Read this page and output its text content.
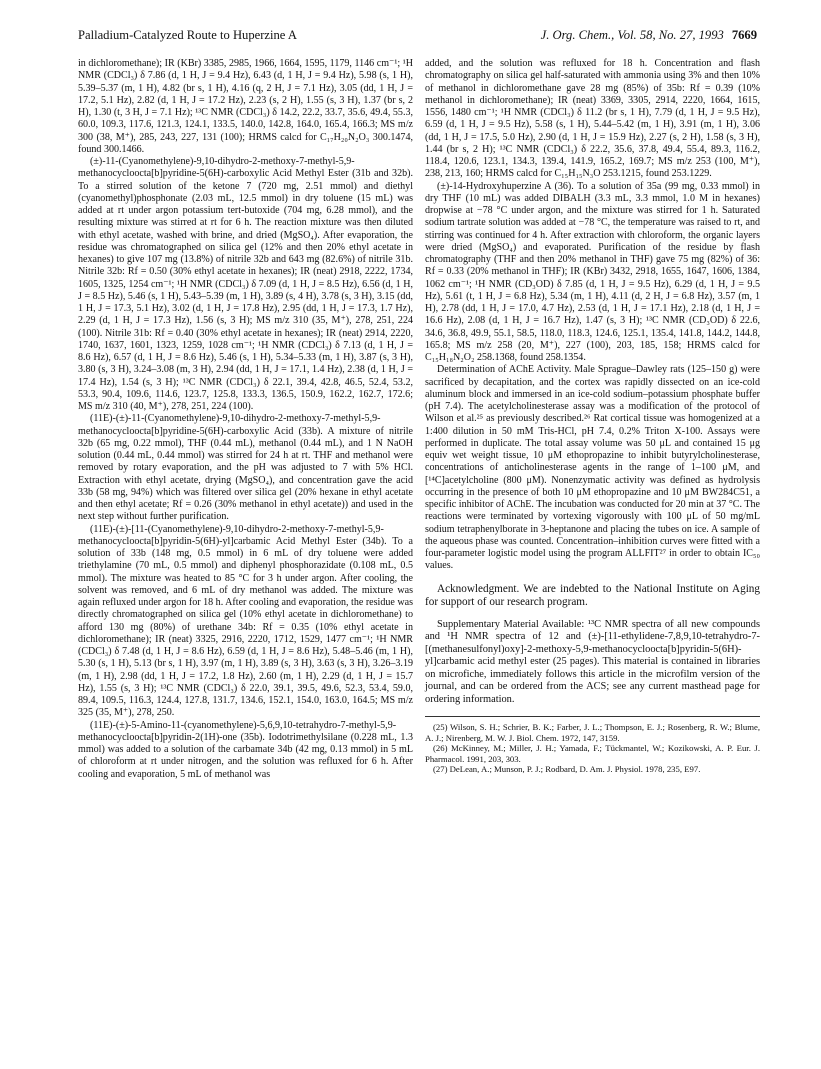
Palladium-Catalyzed Route to Huperzine A	J. Org. Chem., Vol. 58, No. 27, 1993 7669

in dichloromethane); IR (KBr) 3385, 2985, 1966, 1664, 1595, 1179, 1146 cm⁻¹; ¹H NMR (CDCl₃) δ 7.86 (d, 1 H, J = 9.4 Hz), 6.43 (d, 1 H, J = 9.4 Hz), 5.98 (s, 1 H), 5.39–5.37 (m, 1 H), 4.82 (br s, 1 H), 4.16 (q, 2 H, J = 7.1 Hz), 3.05 (dd, 1 H, J = 17.2, 5.1 Hz), 2.82 (d, 1 H, J = 17.2 Hz), 2.23 (s, 2 H), 1.55 (s, 3 H), 1.37 (br s, 2 H), 1.30 (t, 3 H, J = 7.1 Hz); ¹³C NMR (CDCl₃) δ 14.2, 22.2, 33.7, 35.6, 49.4, 55.3, 60.0, 109.3, 117.6, 121.3, 124.1, 133.5, 140.0, 142.8, 164.0, 165.4, 166.3; MS m/z 300 (38, M⁺), 285, 243, 227, 131 (100); HRMS calcd for C₁₇H₂₀N₂O₃ 300.1474, found 300.1466.

(±)-11-(Cyanomethylene)-9,10-dihydro-2-methoxy-7-methyl-5,9-methanocycloocta[b]pyridine-5(6H)-carboxylic Acid Methyl Ester (31b and 32b). To a stirred solution of the ketone 7 (720 mg, 2.51 mmol) and diethyl (cyanomethyl)phosphonate (2.03 mL, 12.5 mmol) in dry toluene (15 mL) was added at rt under argon potassium tert-butoxide (704 mg, 6.28 mmol), and the resulting mixture was stirred at rt for 6 h. The reaction mixture was then diluted with ethyl acetate, washed with brine, and dried (MgSO₄). After evaporation, the residue was chromatographed on silica gel (12% and then 20% ethyl acetate in hexanes) to give 107 mg (13.8%) of nitrile 32b and 643 mg (82.6%) of nitrile 31b. Nitrile 32b: Rf = 0.50 (30% ethyl acetate in hexanes); IR (neat) 2918, 2222, 1734, 1605, 1325, 1254 cm⁻¹; ¹H NMR (CDCl₃) δ 7.09 (d, 1 H, J = 8.5 Hz), 6.56 (d, 1 H, J = 8.5 Hz), 5.46 (s, 1 H), 5.43–5.39 (m, 1 H), 3.89 (s, 4 H), 3.78 (s, 3 H), 3.15 (dd, 1 H, J = 17.3, 5.1 Hz), 3.02 (d, 1 H, J = 17.8 Hz), 2.95 (dd, 1 H, J = 17.3, 1.7 Hz), 2.29 (d, 1 H, J = 17.3 Hz), 1.56 (s, 3 H); MS m/z 310 (35, M⁺), 278, 251, 224 (100). Nitrile 31b: Rf = 0.40 (30% ethyl acetate in hexanes); IR (neat) 2914, 2220, 1740, 1637, 1601, 1323, 1259, 1028 cm⁻¹; ¹H NMR (CDCl₃) δ 7.13 (d, 1 H, J = 8.6 Hz), 6.57 (d, 1 H, J = 8.6 Hz), 5.46 (s, 1 H), 5.34–5.33 (m, 1 H), 3.87 (s, 3 H), 3.80 (s, 3 H), 3.24–3.08 (m, 3 H), 2.94 (dd, 1 H, J = 17.1, 1.4 Hz), 2.38 (d, 1 H, J = 17.4 Hz), 1.54 (s, 3 H); ¹³C NMR (CDCl₃) δ 22.1, 39.4, 42.8, 46.5, 52.4, 53.2, 53.3, 90.4, 109.6, 114.6, 123.7, 125.8, 133.3, 136.5, 150.9, 162.2, 162.7, 172.6; MS m/z 310 (40, M⁺), 278, 251, 224 (100).

(11E)-(±)-11-(Cyanomethylene)-9,10-dihydro-2-methoxy-7-methyl-5,9-methanocycloocta[b]pyridine-5(6H)-carboxylic Acid (33b). A mixture of nitrile 32b (65 mg, 0.22 mmol), THF (0.44 mL), methanol (0.44 mL), and 1 N NaOH solution (0.44 mL, 0.44 mmol) was stirred for 24 h at rt. THF and methanol were removed by rotary evaporation, and the pH was adjusted to 7 with 5% HCl. Extraction with ethyl acetate, drying (MgSO₄), and concentration gave the acid 33b (58 mg, 94%) which was filtered over silica gel (20% hexane in ethyl acetate and then ethyl acetate; Rf = 0.26 (30% methanol in ethyl acetate)) and used in the next step without further purification.

(11E)-(±)-[11-(Cyanomethylene)-9,10-dihydro-2-methoxy-7-methyl-5,9-methanocycloocta[b]pyridin-5(6H)-yl]carbamic Acid Methyl Ester (34b). To a solution of 33b (148 mg, 0.5 mmol) in 6 mL of dry toluene were added triethylamine (70 mL, 0.5 mmol) and diphenyl phosphorazidate (0.108 mL, 0.5 mmol). The mixture was heated to 85 °C for 3 h under argon. After cooling, the solvent was removed, and 6 mL of dry methanol was added. The mixture was again refluxed under argon for 18 h. After cooling and evaporation, the residue was directly chromatographed on silica gel (10% ethyl acetate in dichloromethane) to afford 130 mg (80%) of urethane 34b: Rf = 0.35 (10% ethyl acetate in dichloromethane); IR (neat) 3325, 2916, 2220, 1712, 1529, 1477 cm⁻¹; ¹H NMR (CDCl₃) δ 7.48 (d, 1 H, J = 8.6 Hz), 6.59 (d, 1 H, J = 8.6 Hz), 5.48–5.46 (m, 1 H), 5.30 (s, 1 H), 5.13 (br s, 1 H), 3.97 (m, 1 H), 3.89 (s, 3 H), 3.63 (s, 3 H), 3.26–3.19 (m, 1 H), 2.98 (dd, 1 H, J = 17.2, 1.8 Hz), 2.60 (m, 1 H), 2.29 (d, 1 H, J = 15.7 Hz), 1.55 (s, 3 H); ¹³C NMR (CDCl₃) δ 22.0, 39.1, 39.5, 49.6, 52.3, 53.4, 59.0, 89.4, 109.5, 116.3, 124.4, 127.8, 131.7, 134.6, 152.1, 154.0, 163.0, 164.5; MS m/z 325 (35, M⁺), 278, 250.

(11E)-(±)-5-Amino-11-(cyanomethylene)-5,6,9,10-tetrahydro-7-methyl-5,9-methanocycloocta[b]pyridin-2(1H)-one (35b). Iodotrimethylsilane (0.228 mL, 1.3 mmol) was added to a solution of the carbamate 34b (42 mg, 0.13 mmol) in 5 mL of chloroform at rt under nitrogen, and the solution was refluxed for 6 h. After cooling and evaporation, 5 mL of methanol was

added, and the solution was refluxed for 18 h. Concentration and flash chromatography on silica gel half-saturated with ammonia using 3% and then 10% of methanol in dichloromethane gave 28 mg (85%) of 35b: Rf = 0.39 (10% methanol in dichloromethane); IR (neat) 3369, 3305, 2914, 2220, 1664, 1615, 1556, 1480 cm⁻¹; ¹H NMR (CDCl₃) δ 11.2 (br s, 1 H), 7.79 (d, 1 H, J = 9.5 Hz), 6.59 (d, 1 H, J = 9.5 Hz), 5.58 (s, 1 H), 5.44–5.42 (m, 1 H), 3.91 (m, 1 H), 3.06 (dd, 1 H, J = 17.5, 5.0 Hz), 2.90 (d, 1 H, J = 15.9 Hz), 2.27 (s, 2 H), 1.58 (s, 3 H), 1.44 (br s, 2 H); ¹³C NMR (CDCl₃) δ 22.2, 35.6, 37.8, 49.4, 55.4, 89.3, 116.2, 118.4, 120.6, 123.1, 134.3, 139.4, 141.9, 165.2, 169.7; MS m/z 253 (100, M⁺), 238, 213, 160; HRMS calcd for C₁₅H₁₅N₃O 253.1215, found 253.1229.

(±)-14-Hydroxyhuperzine A (36). To a solution of 35a (99 mg, 0.33 mmol) in dry THF (10 mL) was added DIBALH (3.3 mL, 3.3 mmol, 1.0 M in hexanes) dropwise at −78 °C under argon, and the mixture was stirred for 1 h. Saturated sodium tartrate solution was added at −78 °C, the temperature was raised to rt, and stirring was continued for 4 h. After extraction with chloroform, the organic layers were dried (MgSO₄) and evaporated. Purification of the residue by flash chromatography (THF and then 20% methanol in THF) gave 75 mg (82%) of 36: Rf = 0.33 (20% methanol in THF); IR (KBr) 3432, 2918, 1655, 1647, 1606, 1384, 1062 cm⁻¹; ¹H NMR (CD₃OD) δ 7.85 (d, 1 H, J = 9.5 Hz), 6.29 (d, 1 H, J = 9.5 Hz), 5.61 (t, 1 H, J = 6.8 Hz), 5.34 (m, 1 H), 4.11 (d, 2 H, J = 6.8 Hz), 3.57 (m, 1 H), 2.78 (dd, 1 H, J = 17.0, 4.7 Hz), 2.53 (d, 1 H, J = 17.1 Hz), 2.18 (d, 1 H, J = 16.6 Hz), 2.08 (d, 1 H, J = 16.7 Hz), 1.47 (s, 3 H); ¹³C NMR (CD₃OD) δ 22.6, 34.6, 36.8, 49.9, 55.1, 58.5, 118.0, 118.3, 124.6, 125.1, 135.4, 141.8, 144.2, 144.8, 165.8; MS m/z 258 (20, M⁺), 227 (100), 203, 185, 158; HRMS calcd for C₁₅H₁₈N₂O₂ 258.1368, found 258.1354.

Determination of AChE Activity. Male Sprague–Dawley rats (125–150 g) were sacrificed by decapitation, and the cortex was rapidly dissected on an ice-cold aluminum block and immersed in an ice-cold sodium–potassium phosphate buffer (pH 7.4). The acetylcholinesterase assay was a modification of the protocol of Wilson et al.²⁵ as previously described.²⁶ Rat cortical tissue was homogenized at a 1:400 dilution in 50 mM Tris-HCl, pH 7.4, 0.2% Triton X-100. Assays were performed in duplicate. The total assay volume was 50 μL and contained 15 μg equiv wet weight tissue, 10 μM ethopropazine to inhibit butyrylcholinesterase, concentrations of anticholinesterase agents in the range of 1–100 μM, and [¹⁴C]acetylcholine (800 μM). Nonenzymatic activity was defined as hydrolysis occurring in the presence of both 10 μM ethopropazine and 10 μM BW284C51, a specific inhibitor of AChE. The incubation was conducted for 20 min at 37 °C. The reactions were terminated by vortexing vigorously with 100 μL of 50 mg/mL sodium tetraphenylborate in 3-heptanone and placing the tubes on ice. A sample of the aqueous phase was counted. Concentration–inhibition curves were fitted with a four-parameter logistic model using the program ALLFIT²⁷ in order to obtain IC₅₀ values.

Acknowledgment. We are indebted to the National Institute on Aging for support of our research program.

Supplementary Material Available: ¹³C NMR spectra of all new compounds and ¹H NMR spectra of 12 and (±)-[11-ethylidene-7,8,9,10-tetrahydro-7-[(methanesulfonyl)oxy]-2-methoxy-5,9-methanocycloocta[b]pyridin-5(6H)-yl]carbamic acid methyl ester (25 pages). This material is contained in libraries on microfiche, immediately follows this article in the microfilm version of the journal, and can be ordered from the ACS; see any current masthead page for ordering information.

(25) Wilson, S. H.; Schrier, B. K.; Farber, J. L.; Thompson, E. J.; Rosenberg, R. W.; Blume, A. J.; Nirenberg, M. W. J. Biol. Chem. 1972, 147, 3159.

(26) McKinney, M.; Miller, J. H.; Yamada, F.; Tückmantel, W.; Kozikowski, A. P. Eur. J. Pharmacol. 1991, 203, 303.

(27) DeLean, A.; Munson, P. J.; Rodbard, D. Am. J. Physiol. 1978, 235, E97.
